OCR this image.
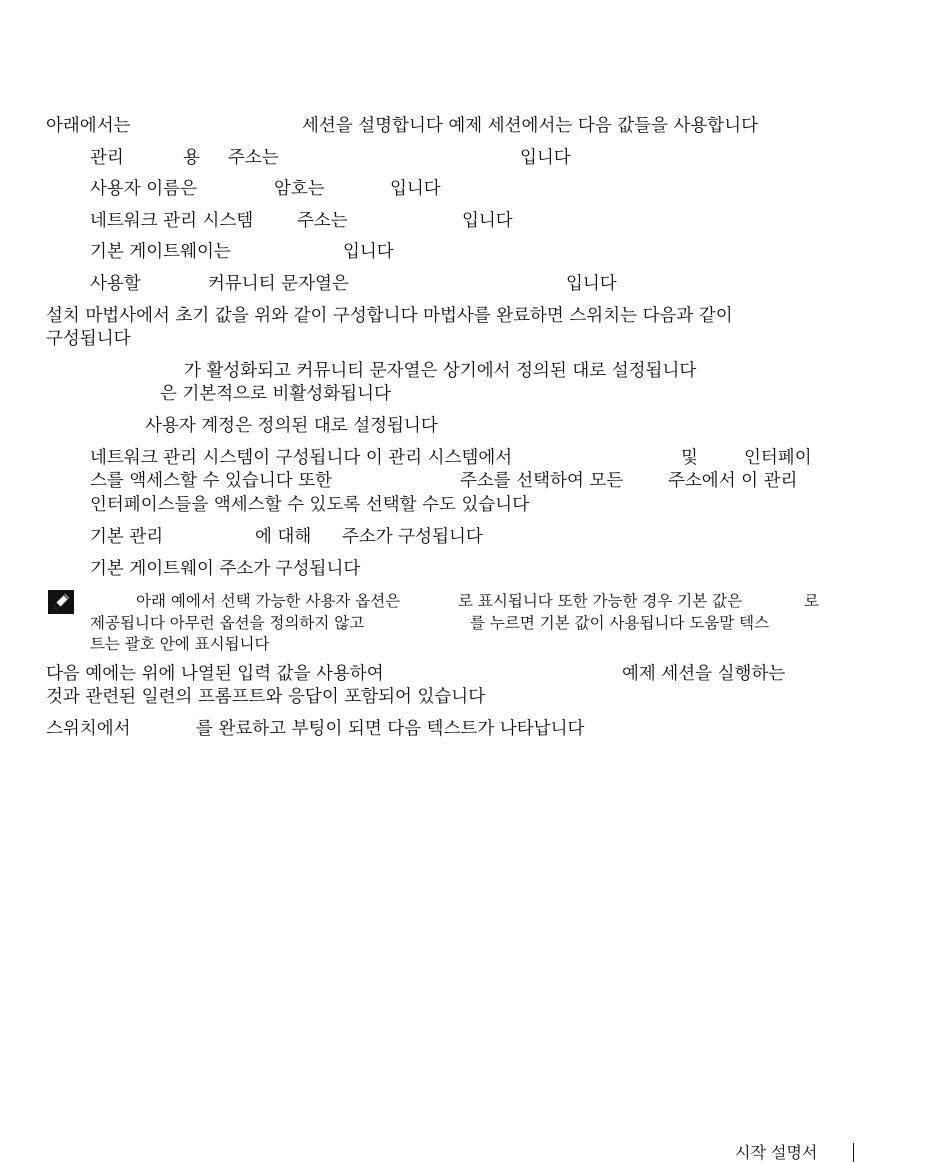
아래에서는	세션을 설명합니다 예제 세션에서는 다음 값들을 사용합니다
관리	용 주소는	입니다
사용자 이름은	암호는	입니다
네트워크 관리 시스템 주소는	입니다
기본 게이트웨이는	입니다
사용할	커뮤니티 문자열은	입니다
설치 마법사에서 초기 값을 위와 같이 구성합니다 마법사를 완료하면 스위치는 다음과 같이
구성됩니다
가 활성화되고 커뮤니티 문자열은 상기에서 정의된 대로 설정됩니다
은 기본적으로 비활성화됩니다
사용자 계정은 정의된 대로 설정됩니다
네트워크 관리 시스템이 구성됩니다 이 관리 시스템에서	및	인터페이
스를 액세스할 수 있습니다 또한	주소를 선택하여 모든	주소에서 이 관리
인터페이스들을 액세스할 수 있도록 선택할 수도 있습니다
기본 관리	에 대해 주소가 구성됩니다
기본 게이트웨이 주소가 구성됩니다
아래 예에서 선택 가능한 사용자 옵션은	로 표시됩니다 또한 가능한 경우 기본 값은	로
제공됩니다 아무런 옵션을 정의하지 않고	를 누르면 기본 값이 사용됩니다 도움말 텍스
트는 괄호 안에 표시됩니다
다음 예에는 위에 나열된 입력 값을 사용하여	예제 세션을 실행하는
것과 관련된 일련의 프롬프트와 응답이 포함되어 있습니다
스위치에서	를 완료하고 부팅이 되면 다음 텍스트가 나타납니다
시작 설명서
